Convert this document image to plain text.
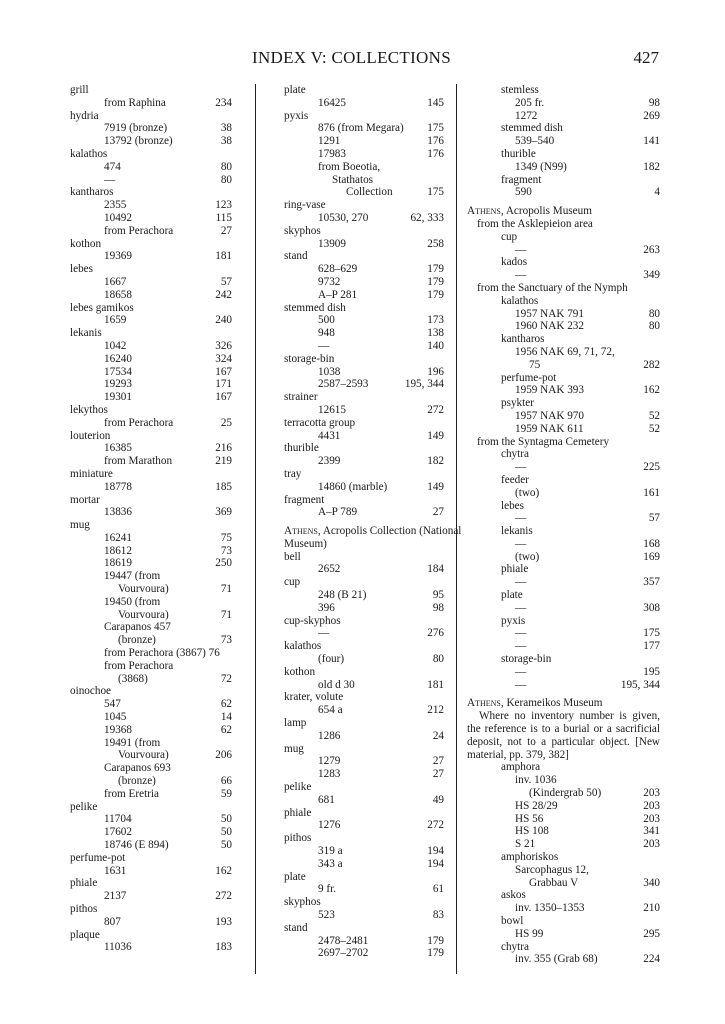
INDEX V: COLLECTIONS	427
grill
from Raphina	234
hydria
7919 (bronze)	38
13792 (bronze)	38
kalathos
474	80
—	80
kantharos
2355	123
10492	115
from Perachora	27
kothon
19369	181
lebes
1667	57
18658	242
lebes gamikos
1659	240
lekanis
1042	326
16240	324
17534	167
19293	171
19301	167
lekythos
from Perachora	25
louterion
16385	216
from Marathon	219
miniature
18778	185
mortar
13836	369
mug
16241	75
18612	73
18619	250
19447 (from
Vourvoura)	71
19450 (from
Vourvoura)	71
Carapanos 457
(bronze)	73
from Perachora (3867) 76
from Perachora
(3868)	72
oinochoe
547	62
1045	14
19368	62
19491 (from
Vourvoura)	206
Carapanos 693
(bronze)	66
from Eretria	59
pelike
11704	50
17602	50
18746 (E 894)	50
perfume-pot
1631	162
phiale
2137	272
pithos
807	193
plaque
11036	183
plate
16425	145
pyxis
876 (from Megara) 175
1291	176
17983	176
from Boeotia,
Stathatos
Collection	175
ring-vase
10530, 270	62, 333
skyphos
13909	258
stand
628–629	179
9732	179
A–P 281	179
stemmed dish
500	173
948	138
—	140
storage-bin
1038	196
2587–2593	195, 344
strainer
12615	272
terracotta group
4431	149
thurible
2399	182
tray
14860 (marble)	149
fragment
A–P 789	27
Athens, Acropolis Collection (National
Museum)
bell
2652	184
cup
248 (B 21)	95
396	98
cup-skyphos
—	276
kalathos
(four)	80
kothon
old d 30	181
krater, volute
654 a	212
lamp
1286	24
mug
1279	27
1283	27
pelike
681	49
phiale
1276	272
pithos
319 a	194
343 a	194
plate
9 fr.	61
skyphos
523	83
stand
2478–2481	179
2697–2702	179
stemless
205 fr.	98
1272	269
stemmed dish
539–540	141
thurible
1349 (N99)	182
fragment
590	4
Athens, Acropolis Museum
from the Asklepieion area
cup
—	263
kados
—	349
from the Sanctuary of the Nymph
kalathos
1957 NAK 791	80
1960 NAK 232	80
kantharos
1956 NAK 69, 71, 72,
75	282
perfume-pot
1959 NAK 393	162
psykter
1957 NAK 970	52
1959 NAK 611	52
from the Syntagma Cemetery
chytra
—	225
feeder
(two)	161
lebes
—	57
lekanis
—	168
(two)	169
phiale
—	357
plate
—	308
pyxis
—	175
—	177
storage-bin
—	195
—	195, 344
Athens, Kerameikos Museum
Where no inventory number is given, the reference is to a burial or a sacrificial deposit, not to a particular object. [New material, pp. 379, 382]
amphora
inv. 1036
(Kindergrab 50)	203
HS 28/29	203
HS 56	203
HS 108	341
S 21	203
amphoriskos
Sarcophagus 12,
Grabbau V	340
askos
inv. 1350–1353	210
bowl
HS 99	295
chytra
inv. 355 (Grab 68)	224
